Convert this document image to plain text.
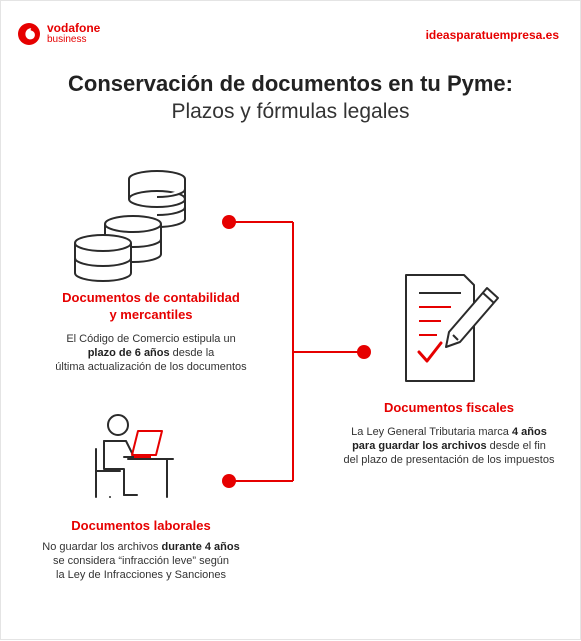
vodafone
business	ideasparatuempresa.es
Conservación de documentos en tu Pyme:
Plazos y fórmulas legales
Documentos de contabilidad
y mercantiles
El Código de Comercio estipula un
plazo de 6 años desde la
última actualización de los documentos
Documentos laborales
No guardar los archivos durante 4 años
se considera “infracción leve” según
la Ley de Infracciones y Sanciones
Documentos fiscales
La Ley General Tributaria marca 4 años
para guardar los archivos desde el fin
del plazo de presentación de los impuestos
